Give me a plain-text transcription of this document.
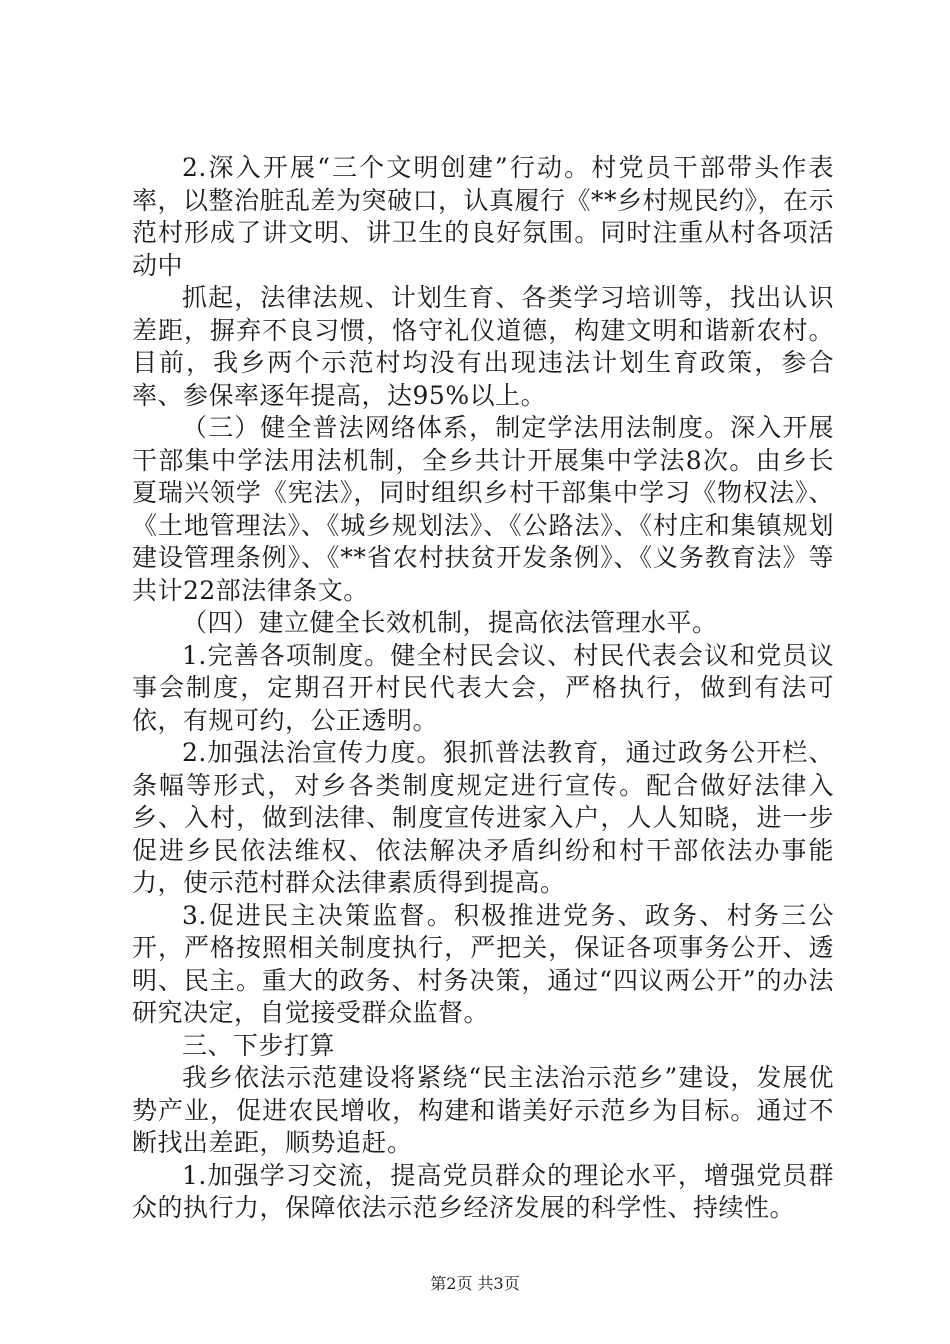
2.深入开展“三个文明创建”行动。村党员干部带头作表率，以整治脏乱差为突破口，认真履行《**乡村规民约》，在示范村形成了讲文明、讲卫生的良好氛围。同时注重从村各项活动中

抓起，法律法规、计划生育、各类学习培训等，找出认识差距，摒弃不良习惯，恪守礼仪道德，构建文明和谐新农村。目前，我乡两个示范村均没有出现违法计划生育政策，参合率、参保率逐年提高，达95%以上。

（三）健全普法网络体系，制定学法用法制度。深入开展干部集中学法用法机制，全乡共计开展集中学法8次。由乡长夏瑞兴领学《宪法》，同时组织乡村干部集中学习《物权法》、《土地管理法》、《城乡规划法》、《公路法》、《村庄和集镇规划建设管理条例》、《**省农村扶贫开发条例》、《义务教育法》等共计22部法律条文。

（四）建立健全长效机制，提高依法管理水平。

1.完善各项制度。健全村民会议、村民代表会议和党员议事会制度，定期召开村民代表大会，严格执行，做到有法可依，有规可约，公正透明。

2.加强法治宣传力度。狠抓普法教育，通过政务公开栏、条幅等形式，对乡各类制度规定进行宣传。配合做好法律入乡、入村，做到法律、制度宣传进家入户，人人知晓，进一步促进乡民依法维权、依法解决矛盾纠纷和村干部依法办事能力，使示范村群众法律素质得到提高。

3.促进民主决策监督。积极推进党务、政务、村务三公开，严格按照相关制度执行，严把关，保证各项事务公开、透明、民主。重大的政务、村务决策，通过“四议两公开”的办法研究决定，自觉接受群众监督。

三、下步打算

我乡依法示范建设将紧绕“民主法治示范乡”建设，发展优势产业，促进农民增收，构建和谐美好示范乡为目标。通过不断找出差距，顺势追赶。

1.加强学习交流，提高党员群众的理论水平，增强党员群众的执行力，保障依法示范乡经济发展的科学性、持续性。

第2页 共3页
